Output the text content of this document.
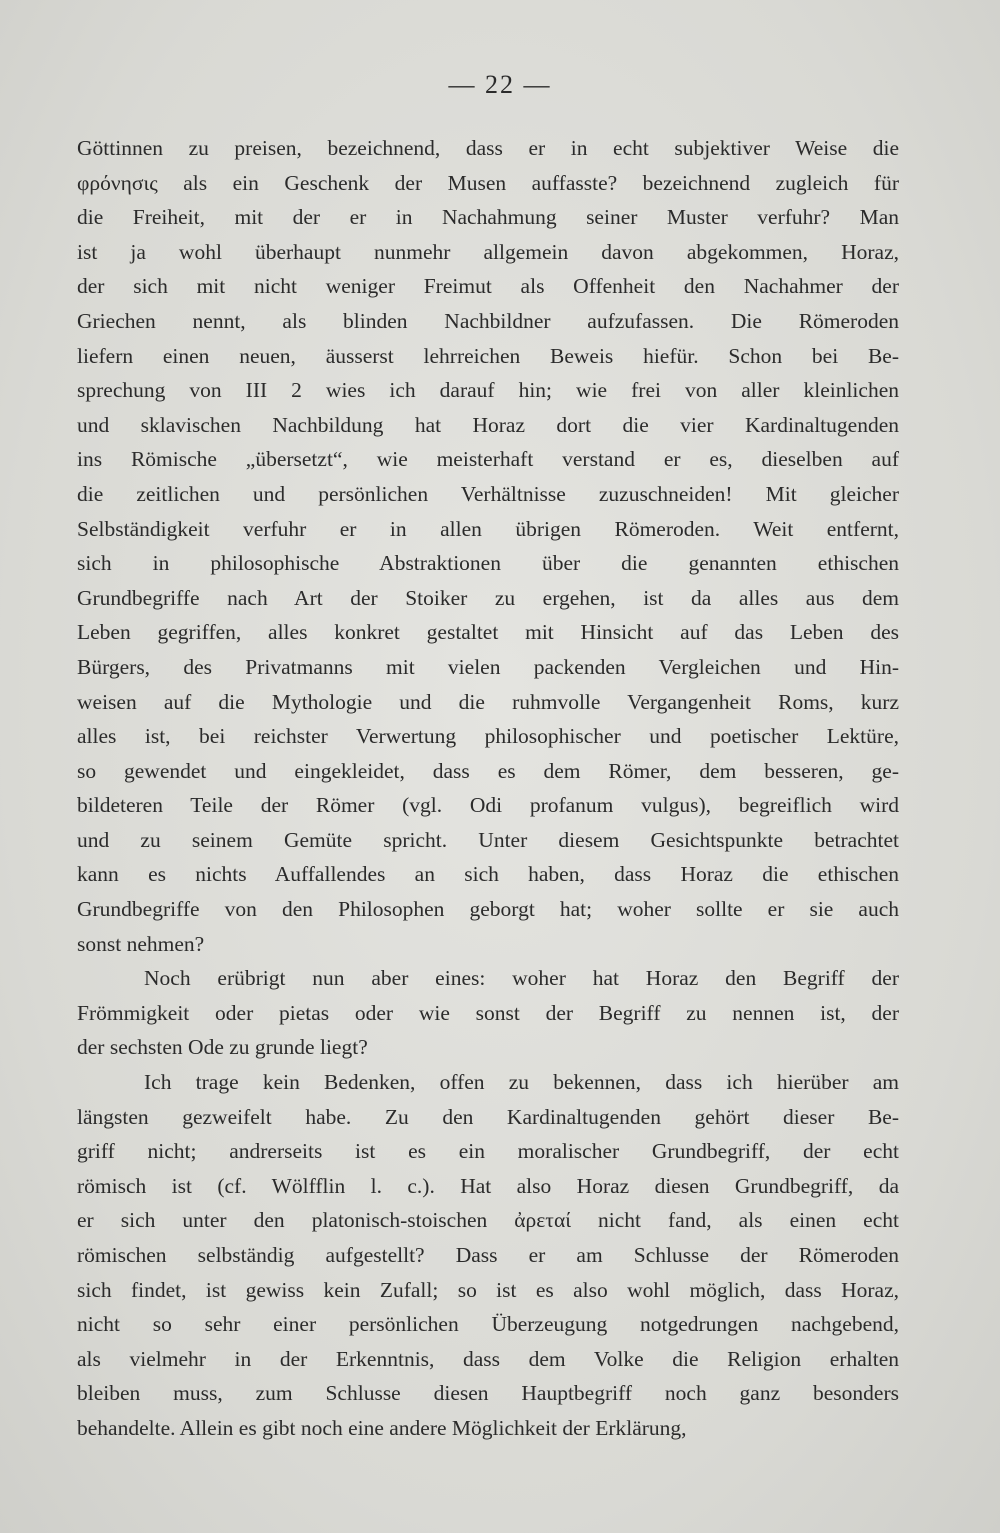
— 22 —
Göttinnen zu preisen, bezeichnend, dass er in echt subjektiver Weise die
φρόνησις als ein Geschenk der Musen auffasste? bezeichnend zugleich für
die Freiheit, mit der er in Nachahmung seiner Muster verfuhr? Man
ist ja wohl überhaupt nunmehr allgemein davon abgekommen, Horaz,
der sich mit nicht weniger Freimut als Offenheit den Nachahmer der
Griechen nennt, als blinden Nachbildner aufzufassen. Die Römeroden
liefern einen neuen, äusserst lehrreichen Beweis hiefür. Schon bei Be-
sprechung von III 2 wies ich darauf hin; wie frei von aller kleinlichen
und sklavischen Nachbildung hat Horaz dort die vier Kardinaltugenden
ins Römische „übersetzt“, wie meisterhaft verstand er es, dieselben auf
die zeitlichen und persönlichen Verhältnisse zuzuschneiden! Mit gleicher
Selbständigkeit verfuhr er in allen übrigen Römeroden. Weit entfernt,
sich in philosophische Abstraktionen über die genannten ethischen
Grundbegriffe nach Art der Stoiker zu ergehen, ist da alles aus dem
Leben gegriffen, alles konkret gestaltet mit Hinsicht auf das Leben des
Bürgers, des Privatmanns mit vielen packenden Vergleichen und Hin-
weisen auf die Mythologie und die ruhmvolle Vergangenheit Roms, kurz
alles ist, bei reichster Verwertung philosophischer und poetischer Lektüre,
so gewendet und eingekleidet, dass es dem Römer, dem besseren, ge-
bildeteren Teile der Römer (vgl. Odi profanum vulgus), begreiflich wird
und zu seinem Gemüte spricht. Unter diesem Gesichtspunkte betrachtet
kann es nichts Auffallendes an sich haben, dass Horaz die ethischen
Grundbegriffe von den Philosophen geborgt hat; woher sollte er sie auch
sonst nehmen?
Noch erübrigt nun aber eines: woher hat Horaz den Begriff der
Frömmigkeit oder pietas oder wie sonst der Begriff zu nennen ist, der
der sechsten Ode zu grunde liegt?
Ich trage kein Bedenken, offen zu bekennen, dass ich hierüber am
längsten gezweifelt habe. Zu den Kardinaltugenden gehört dieser Be-
griff nicht; andrerseits ist es ein moralischer Grundbegriff, der echt
römisch ist (cf. Wölfflin l. c.). Hat also Horaz diesen Grundbegriff, da
er sich unter den platonisch-stoischen ἀρεταί nicht fand, als einen echt
römischen selbständig aufgestellt? Dass er am Schlusse der Römeroden
sich findet, ist gewiss kein Zufall; so ist es also wohl möglich, dass Horaz,
nicht so sehr einer persönlichen Überzeugung notgedrungen nachgebend,
als vielmehr in der Erkenntnis, dass dem Volke die Religion erhalten
bleiben muss, zum Schlusse diesen Hauptbegriff noch ganz besonders
behandelte. Allein es gibt noch eine andere Möglichkeit der Erklärung,
